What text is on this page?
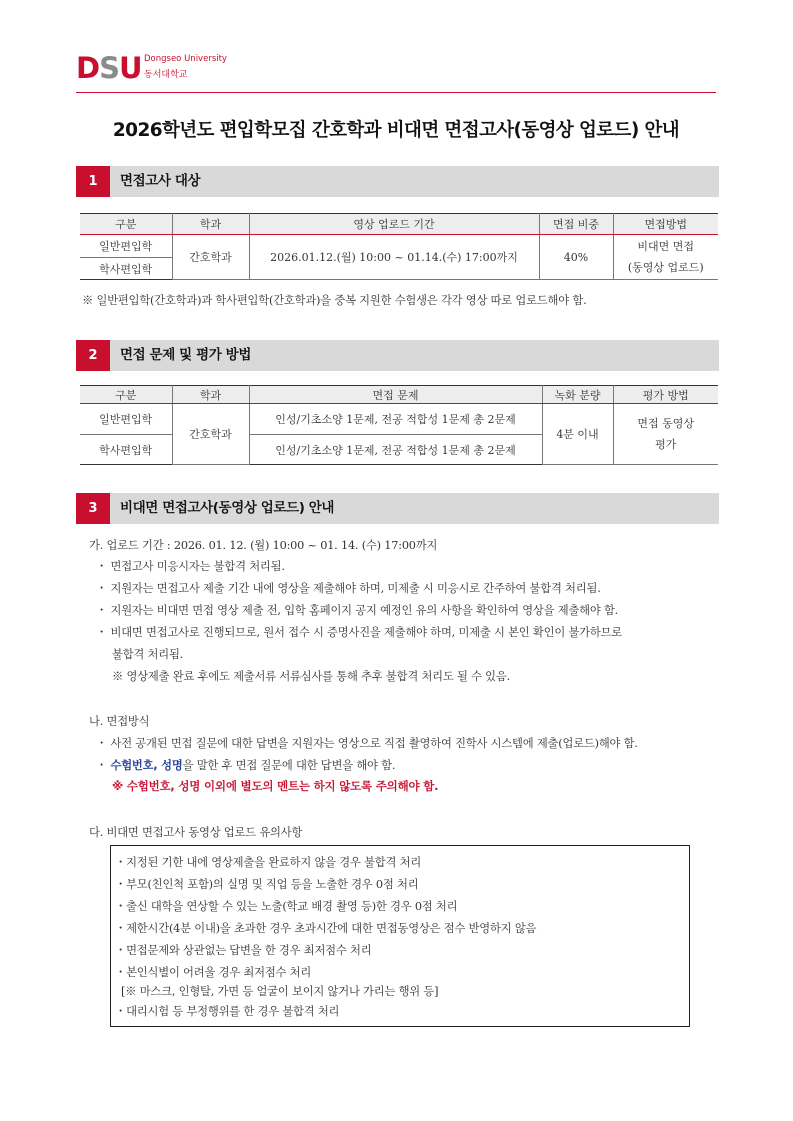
DSU Dongseo University
동서대학교
2026학년도 편입학모집 간호학과 비대면 면접고사(동영상 업로드) 안내
1	면접고사 대상
구분	학과	영상 업로드 기간	면접 비중	면접방법
일반편입학	간호학과	2026.01.12.(월) 10:00 ~ 01.14.(수) 17:00까지	40%	비대면 면접
(동영상 업로드)

학사편입학				
※ 일반편입학(간호학과)과 학사편입학(간호학과)을 중복 지원한 수험생은 각각 영상 따로 업로드해야 함.
2	면접 문제 및 평가 방법
구분	학과	면접 문제	녹화 분량	평가 방법
일반편입학	간호학과	인성/기초소양 1문제, 전공 적합성 1문제 총 2문제	4분 이내	면접 동영상
평가

학사편입학		인성/기초소양 1문제, 전공 적합성 1문제 총 2문제		
3	비대면 면접고사(동영상 업로드) 안내
가. 업로드 기간 : 2026. 01. 12. (월) 10:00 ~ 01. 14. (수) 17:00까지
・ 면접고사 미응시자는 불합격 처리됨.
・ 지원자는 면접고사 제출 기간 내에 영상을 제출해야 하며, 미제출 시 미응시로 간주하여 불합격 처리됨.
・ 지원자는 비대면 면접 영상 제출 전, 입학 홈페이지 공지 예정인 유의 사항을 확인하여 영상을 제출해야 함.
・ 비대면 면접고사로 진행되므로, 원서 접수 시 증명사진을 제출해야 하며, 미제출 시 본인 확인이 불가하므로
불합격 처리됨.
※ 영상제출 완료 후에도 제출서류 서류심사를 통해 추후 불합격 처리도 될 수 있음.
나. 면접방식
・ 사전 공개된 면접 질문에 대한 답변을 지원자는 영상으로 직접 촬영하여 진학사 시스템에 제출(업로드)해야 함.
・ 수험번호, 성명을 말한 후 면접 질문에 대한 답변을 해야 함.
※ 수험번호, 성명 이외에 별도의 멘트는 하지 않도록 주의해야 함.
다. 비대면 면접고사 동영상 업로드 유의사항
・지정된 기한 내에 영상제출을 완료하지 않을 경우 불합격 처리
・부모(친인척 포함)의 실명 및 직업 등을 노출한 경우 0점 처리
・출신 대학을 연상할 수 있는 노출(학교 배경 촬영 등)한 경우 0점 처리
・제한시간(4분 이내)을 초과한 경우 초과시간에 대한 면접동영상은 점수 반영하지 않음
・면접문제와 상관없는 답변을 한 경우 최저점수 처리
・본인식별이 어려울 경우 최저점수 처리
[※ 마스크, 인형탈, 가면 등 얼굴이 보이지 않거나 가리는 행위 등]
・대리시험 등 부정행위를 한 경우 불합격 처리
